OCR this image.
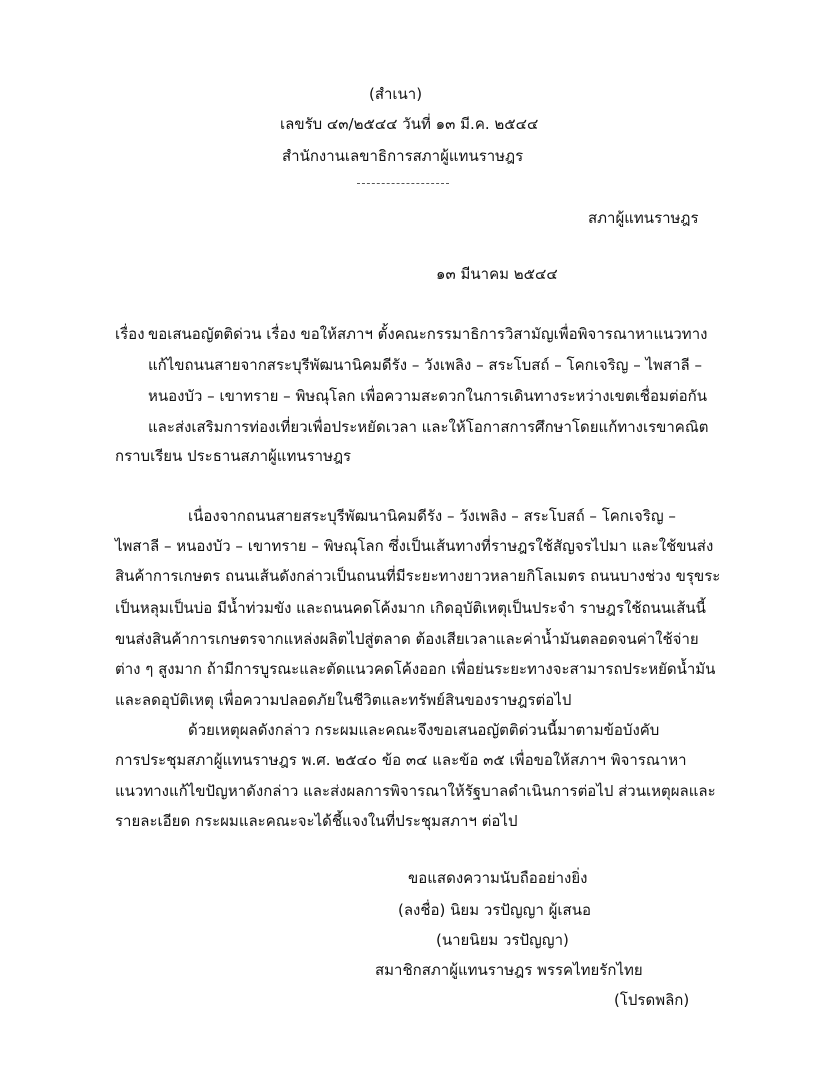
(สำเนา)
เลขรับ ๔๓/๒๕๔๔ วันที่ ๑๓ มี.ค. ๒๕๔๔
สำนักงานเลขาธิการสภาผู้แทนราษฎร
สภาผู้แทนราษฎร
๑๓ มีนาคม ๒๕๔๔
เรื่อง ขอเสนอญัตติด่วน เรื่อง ขอให้สภาฯ ตั้งคณะกรรมาธิการวิสามัญเพื่อพิจารณาหาแนวทาง
แก้ไขถนนสายจากสระบุรีพัฒนานิคมดีรัง – วังเพลิง – สระโบสถ์ – โคกเจริญ – ไพสาลี –
หนองบัว – เขาทราย – พิษณุโลก เพื่อความสะดวกในการเดินทางระหว่างเขตเชื่อมต่อกัน
และส่งเสริมการท่องเที่ยวเพื่อประหยัดเวลา และให้โอกาสการศึกษาโดยแก้ทางเรขาคณิต
กราบเรียน ประธานสภาผู้แทนราษฎร
เนื่องจากถนนสายสระบุรีพัฒนานิคมดีรัง – วังเพลิง – สระโบสถ์ – โคกเจริญ –
ไพสาลี – หนองบัว – เขาทราย – พิษณุโลก ซึ่งเป็นเส้นทางที่ราษฎรใช้สัญจรไปมา และใช้ขนส่ง
สินค้าการเกษตร ถนนเส้นดังกล่าวเป็นถนนที่มีระยะทางยาวหลายกิโลเมตร ถนนบางช่วง ขรุขระ
เป็นหลุมเป็นบ่อ มีน้ำท่วมขัง และถนนคดโค้งมาก เกิดอุบัติเหตุเป็นประจำ ราษฎรใช้ถนนเส้นนี้
ขนส่งสินค้าการเกษตรจากแหล่งผลิตไปสู่ตลาด ต้องเสียเวลาและค่าน้ำมันตลอดจนค่าใช้จ่าย
ต่าง ๆ สูงมาก ถ้ามีการบูรณะและตัดแนวคดโค้งออก เพื่อย่นระยะทางจะสามารถประหยัดน้ำมัน
และลดอุบัติเหตุ เพื่อความปลอดภัยในชีวิตและทรัพย์สินของราษฎรต่อไป
ด้วยเหตุผลดังกล่าว กระผมและคณะจึงขอเสนอญัตติด่วนนี้มาตามข้อบังคับ
การประชุมสภาผู้แทนราษฎร พ.ศ. ๒๕๔๐ ข้อ ๓๔ และข้อ ๓๕ เพื่อขอให้สภาฯ พิจารณาหา
แนวทางแก้ไขปัญหาดังกล่าว และส่งผลการพิจารณาให้รัฐบาลดำเนินการต่อไป ส่วนเหตุผลและ
รายละเอียด กระผมและคณะจะได้ชี้แจงในที่ประชุมสภาฯ ต่อไป
ขอแสดงความนับถืออย่างยิ่ง
(ลงชื่อ) นิยม วรปัญญา ผู้เสนอ
(นายนิยม วรปัญญา)
สมาชิกสภาผู้แทนราษฎร พรรคไทยรักไทย
(โปรดพลิก)
